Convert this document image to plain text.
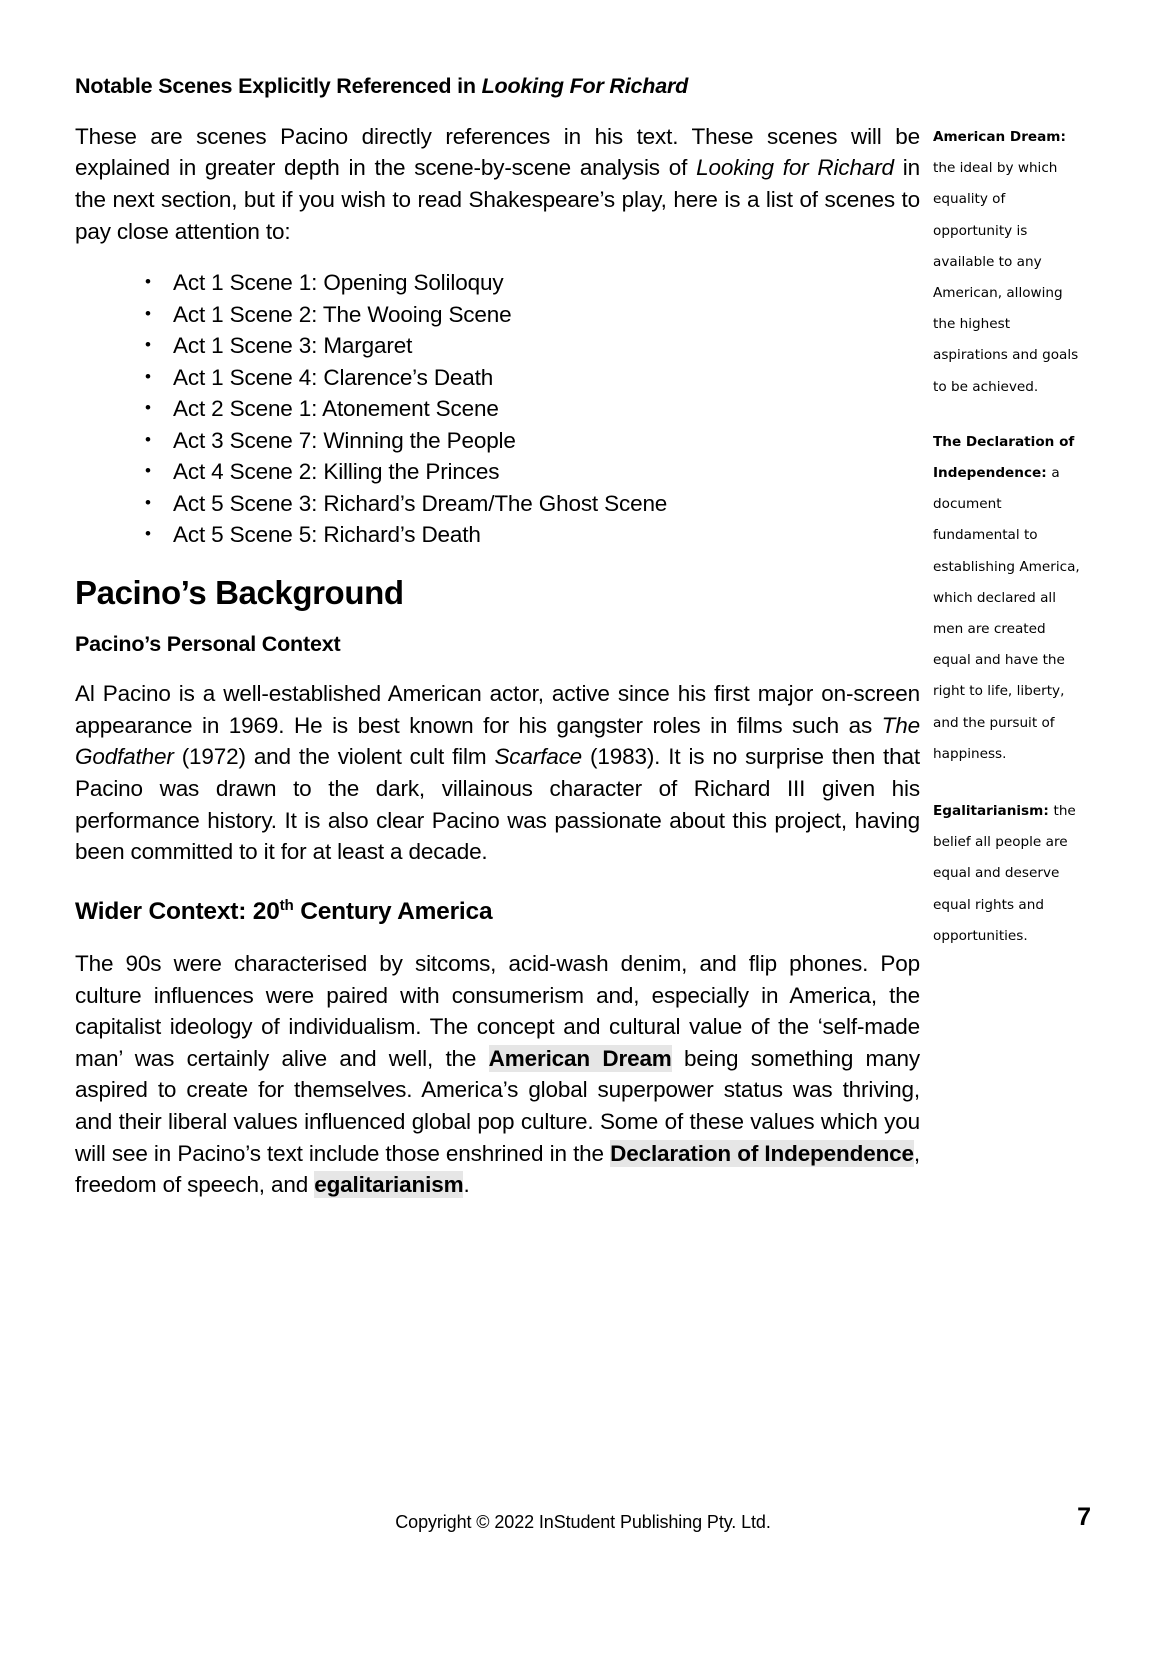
Notable Scenes Explicitly Referenced in Looking For Richard

These are scenes Pacino directly references in his text. These scenes will be explained in greater depth in the scene-by-scene analysis of Looking for Richard in the next section, but if you wish to read Shakespeare’s play, here is a list of scenes to pay close attention to:

• Act 1 Scene 1: Opening Soliloquy
• Act 1 Scene 2: The Wooing Scene
• Act 1 Scene 3: Margaret
• Act 1 Scene 4: Clarence’s Death
• Act 2 Scene 1: Atonement Scene
• Act 3 Scene 7: Winning the People
• Act 4 Scene 2: Killing the Princes
• Act 5 Scene 3: Richard’s Dream/The Ghost Scene
• Act 5 Scene 5: Richard’s Death
Pacino’s Background
Pacino’s Personal Context

Al Pacino is a well-established American actor, active since his first major on-screen appearance in 1969. He is best known for his gangster roles in films such as The Godfather (1972) and the violent cult film Scarface (1983). It is no surprise then that Pacino was drawn to the dark, villainous character of Richard III given his performance history. It is also clear Pacino was passionate about this project, having been committed to it for at least a decade.

Wider Context: 20th Century America

The 90s were characterised by sitcoms, acid-wash denim, and flip phones. Pop culture influences were paired with consumerism and, especially in America, the capitalist ideology of individualism. The concept and cultural value of the ‘self-made man’ was certainly alive and well, the American Dream being something many aspired to create for themselves. America’s global superpower status was thriving, and their liberal values influenced global pop culture. Some of these values which you will see in Pacino’s text include those enshrined in the Declaration of Independence, freedom of speech, and egalitarianism.

American Dream: the ideal by which equality of opportunity is available to any American, allowing the highest aspirations and goals to be achieved.

The Declaration of Independence: a document fundamental to establishing America, which declared all men are created equal and have the right to life, liberty, and the pursuit of happiness.

Egalitarianism: the belief all people are equal and deserve equal rights and opportunities.

Copyright © 2022 InStudent Publishing Pty. Ltd.	7
